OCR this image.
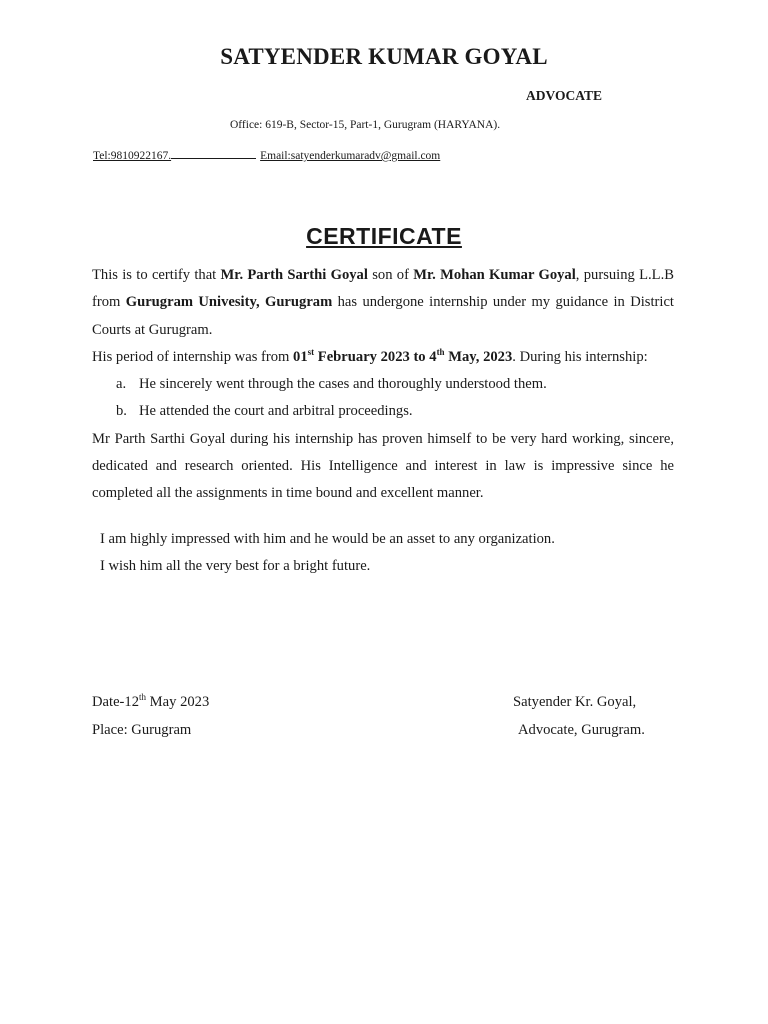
SATYENDER KUMAR GOYAL
ADVOCATE
Office: 619-B, Sector-15, Part-1, Gurugram (HARYANA).
Tel:9810922167.	Email:satyenderkumaradv@gmail.com
CERTIFICATE

This is to certify that Mr. Parth Sarthi Goyal son of Mr. Mohan Kumar Goyal, pursuing L.L.B from Gurugram Univesity, Gurugram has undergone internship under my guidance in District Courts at Gurugram.

His period of internship was from 01st February 2023 to 4th May, 2023. During his internship:

a. He sincerely went through the cases and thoroughly understood them.
b. He attended the court and arbitral proceedings.

Mr Parth Sarthi Goyal during his internship has proven himself to be very hard working, sincere, dedicated and research oriented. His Intelligence and interest in law is impressive since he completed all the assignments in time bound and excellent manner.

I am highly impressed with him and he would be an asset to any organization.

I wish him all the very best for a bright future.

Date-12th May 2023	Satyender Kr. Goyal,
Place: Gurugram	Advocate, Gurugram.
